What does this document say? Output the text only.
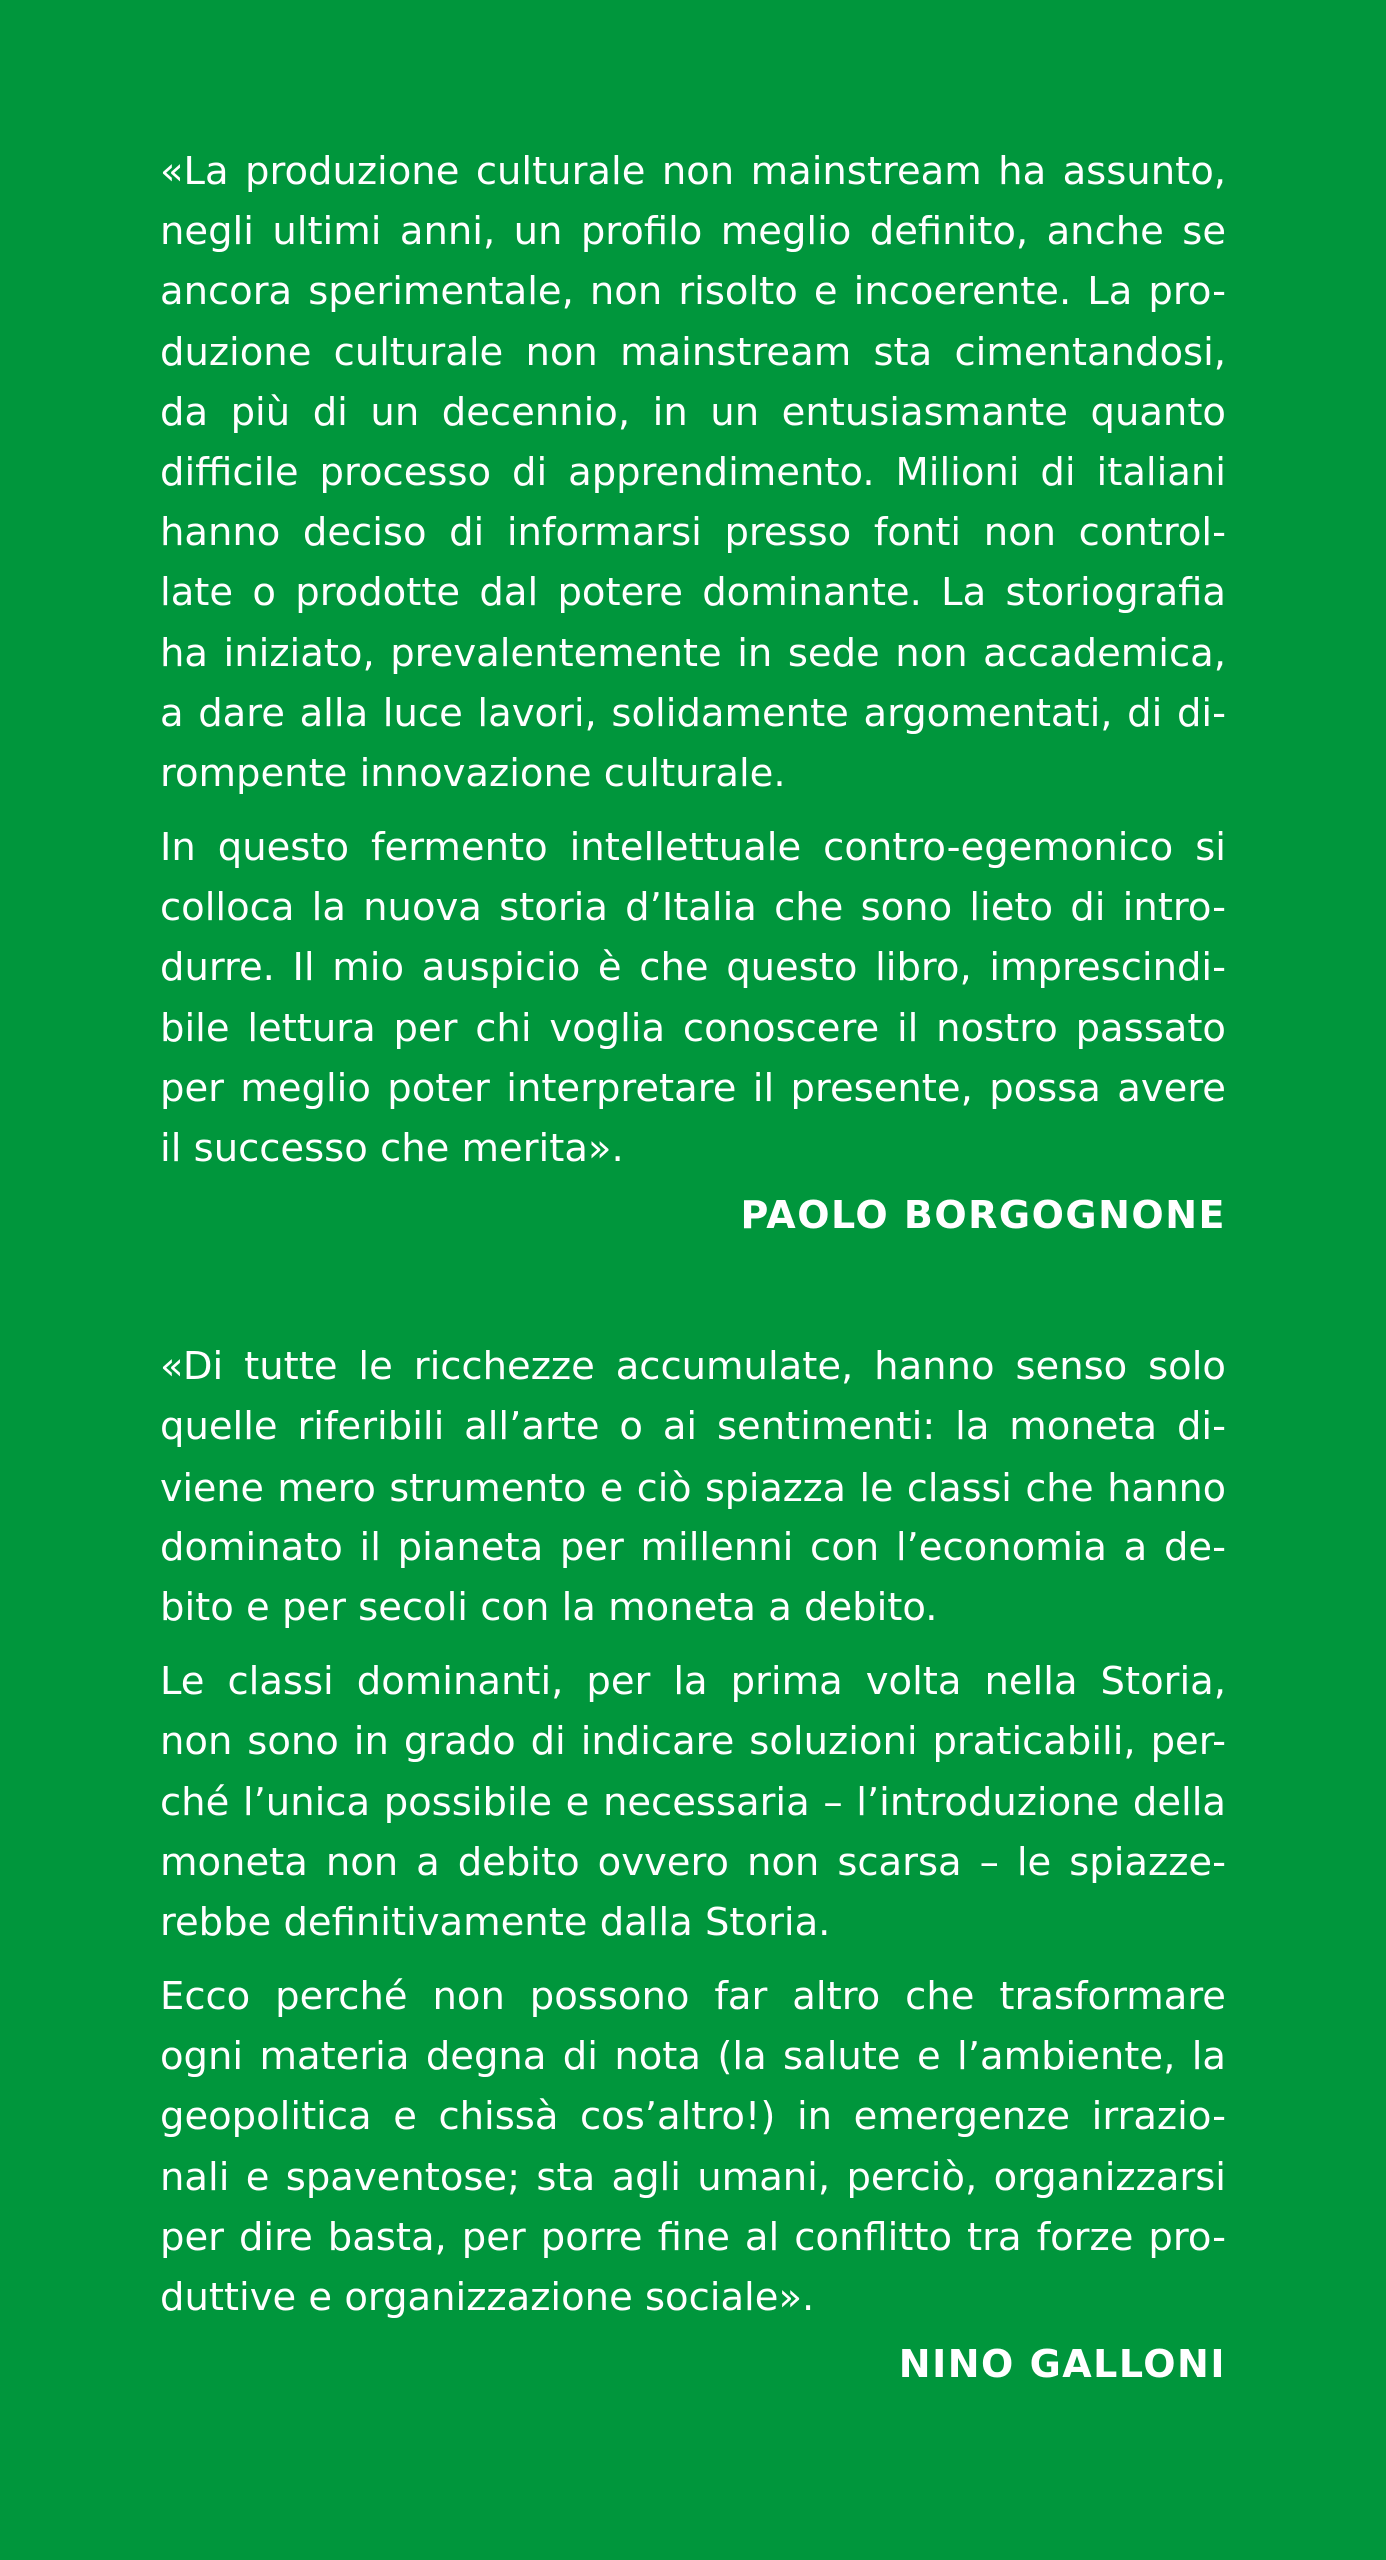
«La produzione culturale non mainstream ha assunto,
negli ultimi anni, un profilo meglio definito, anche se
ancora sperimentale, non risolto e incoerente. La pro-
duzione culturale non mainstream sta cimentandosi,
da più di un decennio, in un entusiasmante quanto
difficile processo di apprendimento. Milioni di italiani
hanno deciso di informarsi presso fonti non control-
late o prodotte dal potere dominante. La storiografia
ha iniziato, prevalentemente in sede non accademica,
a dare alla luce lavori, solidamente argomentati, di di-
rompente innovazione culturale.
In questo fermento intellettuale contro-egemonico si
colloca la nuova storia d’Italia che sono lieto di intro-
durre. Il mio auspicio è che questo libro, imprescindi-
bile lettura per chi voglia conoscere il nostro passato
per meglio poter interpretare il presente, possa avere
il successo che merita».
PAOLO BORGOGNONE
«Di tutte le ricchezze accumulate, hanno senso solo
quelle riferibili all’arte o ai sentimenti: la moneta di-
viene mero strumento e ciò spiazza le classi che hanno
dominato il pianeta per millenni con l’economia a de-
bito e per secoli con la moneta a debito.
Le classi dominanti, per la prima volta nella Storia,
non sono in grado di indicare soluzioni praticabili, per-
ché l’unica possibile e necessaria – l’introduzione della
moneta non a debito ovvero non scarsa – le spiazze-
rebbe definitivamente dalla Storia.
Ecco perché non possono far altro che trasformare
ogni materia degna di nota (la salute e l’ambiente, la
geopolitica e chissà cos’altro!) in emergenze irrazio-
nali e spaventose; sta agli umani, perciò, organizzarsi
per dire basta, per porre fine al conflitto tra forze pro-
duttive e organizzazione sociale».
NINO GALLONI
